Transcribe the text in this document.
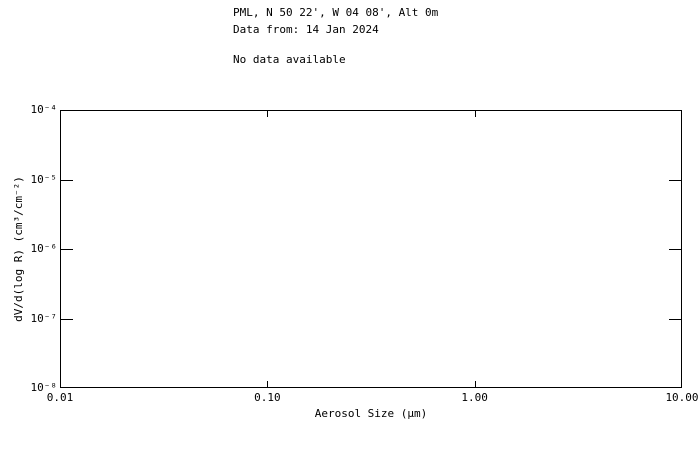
PML, N 50 22', W 04 08', Alt 0m
Data from: 14 Jan 2024
No data available
10⁻⁴
10⁻⁵
10⁻⁶
10⁻⁷
10⁻⁸
0.01	0.10	1.00	10.00
Aerosol Size (μm)
dV/d(log R) (cm³/cm⁻²)
